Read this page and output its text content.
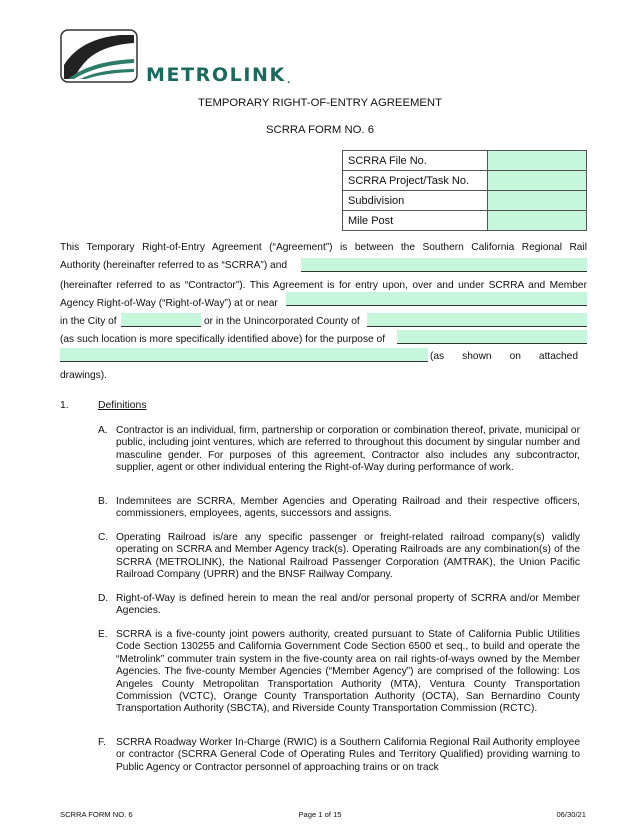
METROLINK.
TEMPORARY RIGHT-OF-ENTRY AGREEMENT
SCRRA FORM NO. 6
SCRRA File No.	
SCRRA Project/Task No.	
Subdivision	
Mile Post	
This Temporary Right-of-Entry Agreement (“Agreement”) is between the Southern California Regional Rail
Authority (hereinafter referred to as “SCRRA”) and
(hereinafter referred to as “Contractor”). This Agreement is for entry upon, over and under SCRRA and Member
Agency Right-of-Way (“Right-of-Way”) at or near
in the City of	or in the Unincorporated County of
(as such location is more specifically identified above) for the purpose of
(as shown on attached
drawings).
1.	Definitions
A. Contractor is an individual, firm, partnership or corporation or combination thereof, private, municipal or public, including joint ventures, which are referred to throughout this document by singular number and masculine gender. For purposes of this agreement, Contractor also includes any subcontractor, supplier, agent or other individual entering the Right-of-Way during performance of work.
B. Indemnitees are SCRRA, Member Agencies and Operating Railroad and their respective officers, commissioners, employees, agents, successors and assigns.
C. Operating Railroad is/are any specific passenger or freight-related railroad company(s) validly operating on SCRRA and Member Agency track(s). Operating Railroads are any combination(s) of the SCRRA (METROLINK), the National Railroad Passenger Corporation (AMTRAK), the Union Pacific Railroad Company (UPRR) and the BNSF Railway Company.
D. Right-of-Way is defined herein to mean the real and/or personal property of SCRRA and/or Member Agencies.
E. SCRRA is a five-county joint powers authority, created pursuant to State of California Public Utilities Code Section 130255 and California Government Code Section 6500 et seq., to build and operate the “Metrolink” commuter train system in the five-county area on rail rights-of-ways owned by the Member Agencies. The five-county Member Agencies (“Member Agency”) are comprised of the following: Los Angeles County Metropolitan Transportation Authority (MTA), Ventura County Transportation Commission (VCTC), Orange County Transportation Authority (OCTA), San Bernardino County Transportation Authority (SBCTA), and Riverside County Transportation Commission (RCTC).
F. SCRRA Roadway Worker In-Charge (RWIC) is a Southern California Regional Rail Authority employee or contractor (SCRRA General Code of Operating Rules and Territory Qualified) providing warning to Public Agency or Contractor personnel of approaching trains or on track
SCRRA FORM NO. 6	Page 1 of 15	06/30/21
